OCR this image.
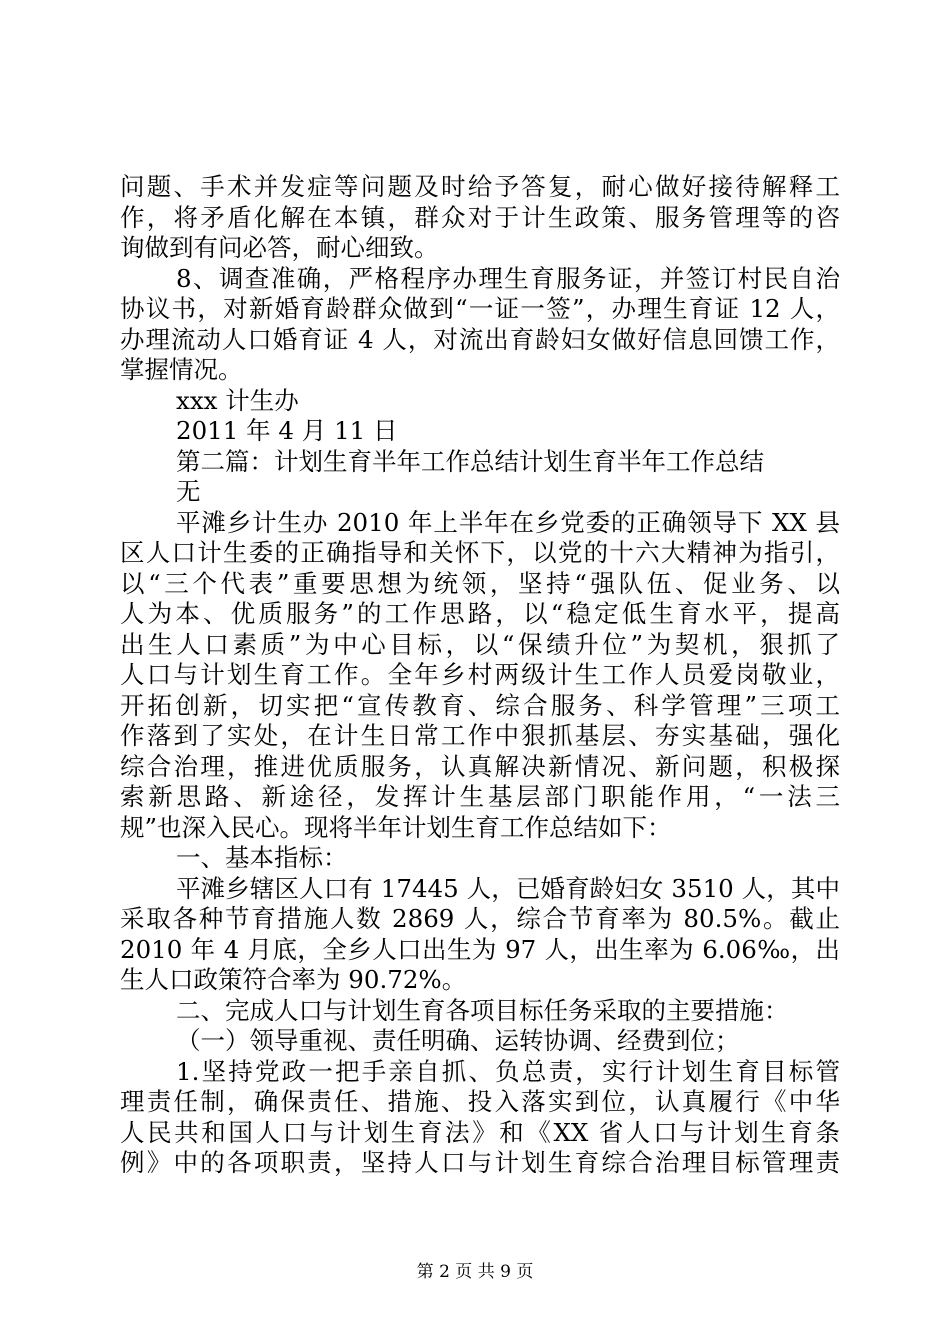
问题、手术并发症等问题及时给予答复，耐心做好接待解释工
作，将矛盾化解在本镇，群众对于计生政策、服务管理等的咨
询做到有问必答，耐心细致。
8、调查准确，严格程序办理生育服务证，并签订村民自治
协议书，对新婚育龄群众做到“一证一签”，办理生育证 12 人，
办理流动人口婚育证 4 人，对流出育龄妇女做好信息回馈工作，
掌握情况。
xxx 计生办
2011 年 4 月 11 日
第二篇：计划生育半年工作总结计划生育半年工作总结
无
平滩乡计生办 2010 年上半年在乡党委的正确领导下 XX 县
区人口计生委的正确指导和关怀下，以党的十六大精神为指引，
以“三个代表”重要思想为统领，坚持“强队伍、促业务、以
人为本、优质服务”的工作思路，以“稳定低生育水平，提高
出生人口素质”为中心目标，以“保绩升位”为契机，狠抓了
人口与计划生育工作。全年乡村两级计生工作人员爱岗敬业，
开拓创新，切实把“宣传教育、综合服务、科学管理”三项工
作落到了实处，在计生日常工作中狠抓基层、夯实基础，强化
综合治理，推进优质服务，认真解决新情况、新问题，积极探
索新思路、新途径，发挥计生基层部门职能作用，“一法三
规”也深入民心。现将半年计划生育工作总结如下：
一、基本指标：
平滩乡辖区人口有 17445 人，已婚育龄妇女 3510 人，其中
采取各种节育措施人数 2869 人，综合节育率为 80.5%。截止
2010 年 4 月底，全乡人口出生为 97 人，出生率为 6.06‰，出
生人口政策符合率为 90.72%。
二、完成人口与计划生育各项目标任务采取的主要措施：
（一）领导重视、责任明确、运转协调、经费到位；
1.坚持党政一把手亲自抓、负总责，实行计划生育目标管
理责任制，确保责任、措施、投入落实到位，认真履行《中华
人民共和国人口与计划生育法》和《XX 省人口与计划生育条
例》中的各项职责，坚持人口与计划生育综合治理目标管理责
第 2 页 共 9 页
